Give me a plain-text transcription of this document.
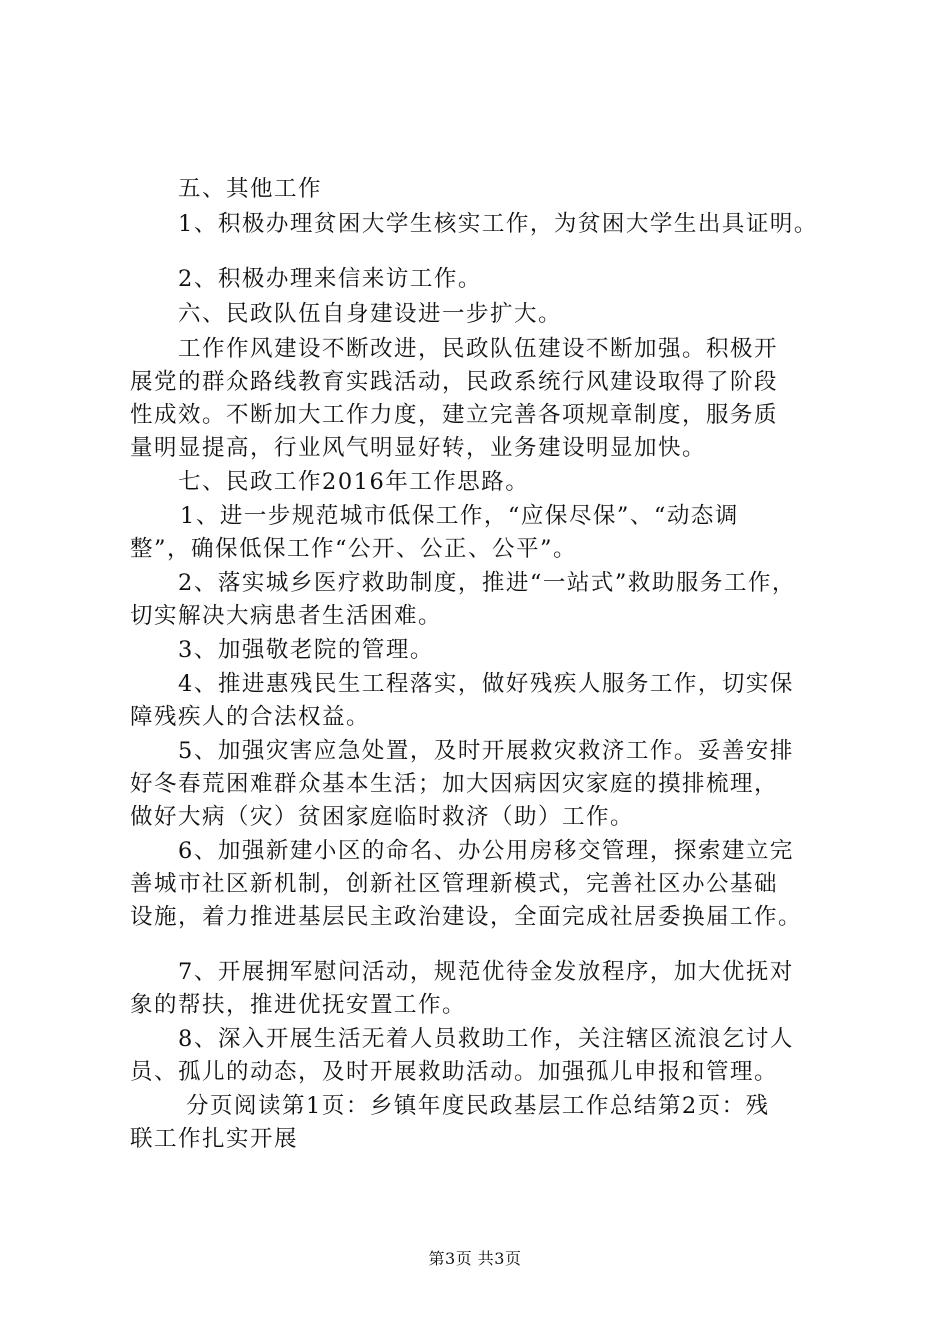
五、其他工作
1、积极办理贫困大学生核实工作，为贫困大学生出具证明。
2、积极办理来信来访工作。
六、民政队伍自身建设进一步扩大。
工作作风建设不断改进，民政队伍建设不断加强。积极开
展党的群众路线教育实践活动，民政系统行风建设取得了阶段
性成效。不断加大工作力度，建立完善各项规章制度，服务质
量明显提高，行业风气明显好转，业务建设明显加快。
七、民政工作2016年工作思路。
1、进一步规范城市低保工作，“应保尽保”、“动态调
整”，确保低保工作“公开、公正、公平”。
2、落实城乡医疗救助制度，推进“一站式”救助服务工作，
切实解决大病患者生活困难。
3、加强敬老院的管理。
4、推进惠残民生工程落实，做好残疾人服务工作，切实保
障残疾人的合法权益。
5、加强灾害应急处置，及时开展救灾救济工作。妥善安排
好冬春荒困难群众基本生活；加大因病因灾家庭的摸排梳理，
做好大病（灾）贫困家庭临时救济（助）工作。
6、加强新建小区的命名、办公用房移交管理，探索建立完
善城市社区新机制，创新社区管理新模式，完善社区办公基础
设施，着力推进基层民主政治建设，全面完成社居委换届工作。
7、开展拥军慰问活动，规范优待金发放程序，加大优抚对
象的帮扶，推进优抚安置工作。
8、深入开展生活无着人员救助工作，关注辖区流浪乞讨人
员、孤儿的动态，及时开展救助活动。加强孤儿申报和管理。
分页阅读第1页：乡镇年度民政基层工作总结第2页：残
联工作扎实开展
第3页 共3页
